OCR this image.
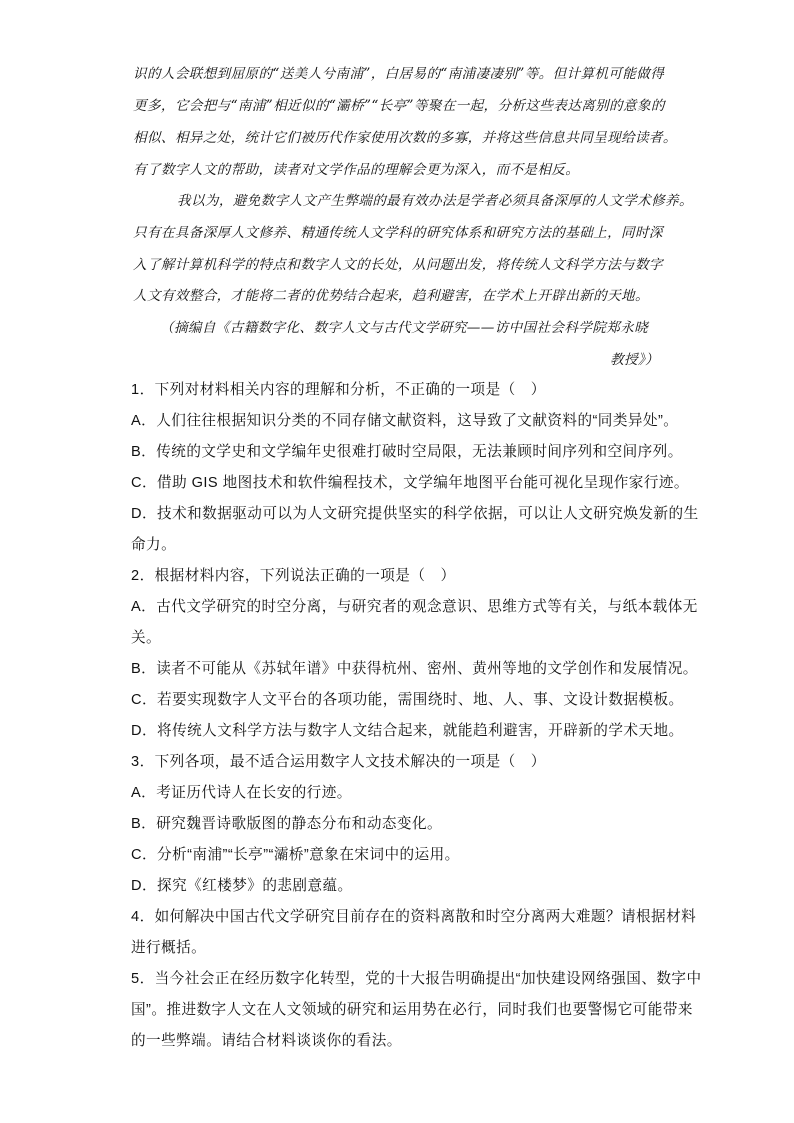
识的人会联想到屈原的“送美人兮南浦”，白居易的“南浦凄凄别”等。但计算机可能做得
更多，它会把与“南浦”相近似的“灞桥”“长亭”等聚在一起，分析这些表达离别的意象的
相似、相异之处，统计它们被历代作家使用次数的多寡，并将这些信息共同呈现给读者。
有了数字人文的帮助，读者对文学作品的理解会更为深入，而不是相反。
我以为，避免数字人文产生弊端的最有效办法是学者必须具备深厚的人文学术修养。
只有在具备深厚人文修养、精通传统人文学科的研究体系和研究方法的基础上，同时深
入了解计算机科学的特点和数字人文的长处，从问题出发，将传统人文科学方法与数字
人文有效整合，才能将二者的优势结合起来，趋利避害，在学术上开辟出新的天地。
（摘编自《古籍数字化、数字人文与古代文学研究——访中国社会科学院郑永晓
教授》）
1．下列对材料相关内容的理解和分析，不正确的一项是（　）
A．人们往往根据知识分类的不同存储文献资料，这导致了文献资料的“同类异处”。
B．传统的文学史和文学编年史很难打破时空局限，无法兼顾时间序列和空间序列。
C．借助 GIS 地图技术和软件编程技术，文学编年地图平台能可视化呈现作家行迹。
D．技术和数据驱动可以为人文研究提供坚实的科学依据，可以让人文研究焕发新的生
命力。
2．根据材料内容，下列说法正确的一项是（　）
A．古代文学研究的时空分离，与研究者的观念意识、思维方式等有关，与纸本载体无
关。
B．读者不可能从《苏轼年谱》中获得杭州、密州、黄州等地的文学创作和发展情况。
C．若要实现数字人文平台的各项功能，需围绕时、地、人、事、文设计数据模板。
D．将传统人文科学方法与数字人文结合起来，就能趋利避害，开辟新的学术天地。
3．下列各项，最不适合运用数字人文技术解决的一项是（　）
A．考证历代诗人在长安的行迹。
B．研究魏晋诗歌版图的静态分布和动态变化。
C．分析“南浦”“长亭”“灞桥”意象在宋词中的运用。
D．探究《红楼梦》的悲剧意蕴。
4．如何解决中国古代文学研究目前存在的资料离散和时空分离两大难题？请根据材料
进行概括。
5．当今社会正在经历数字化转型，党的十大报告明确提出“加快建设网络强国、数字中
国”。推进数字人文在人文领域的研究和运用势在必行，同时我们也要警惕它可能带来
的一些弊端。请结合材料谈谈你的看法。
